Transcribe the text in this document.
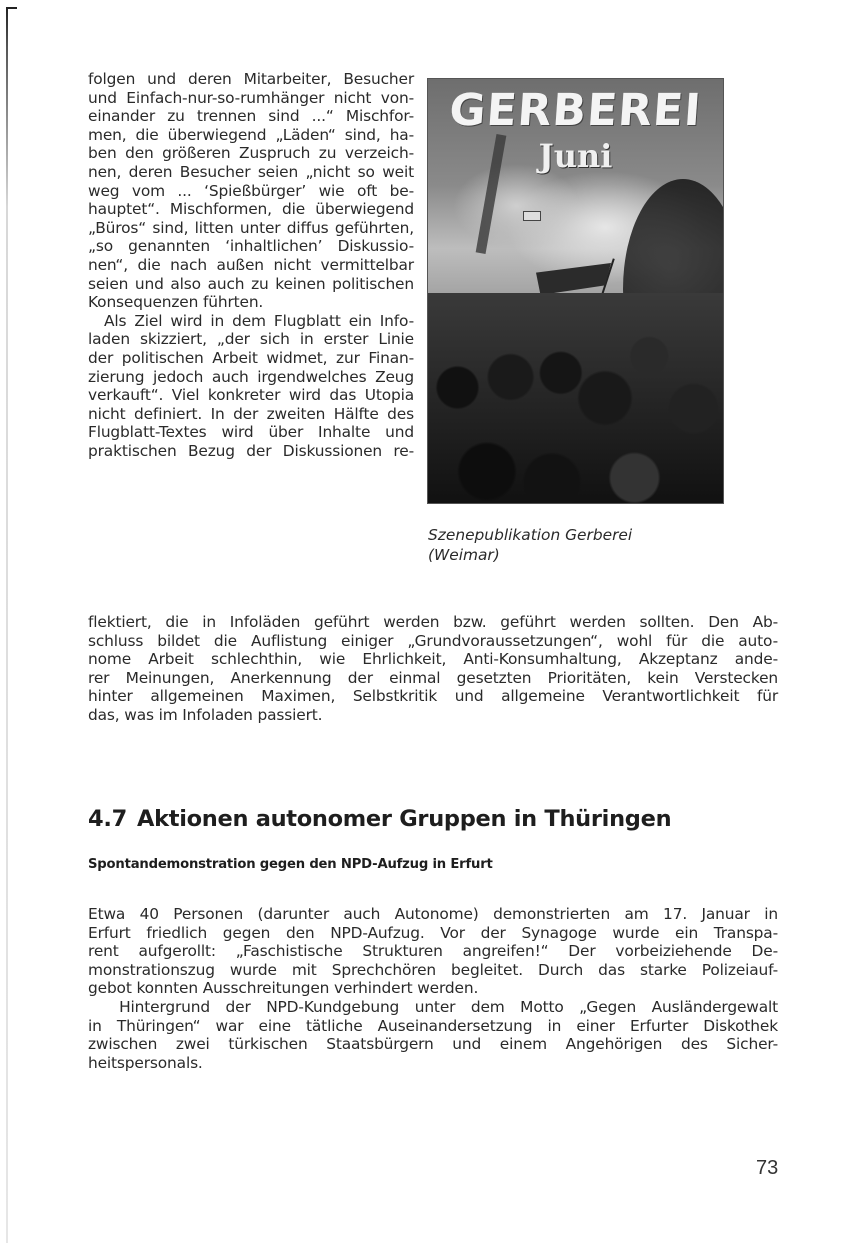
folgen und deren Mitarbeiter, Besucher
und Einfach-nur-so-rumhänger nicht von-
einander zu trennen sind ...“ Mischfor-
men, die überwiegend „Läden“ sind, ha-
ben den größeren Zuspruch zu verzeich-
nen, deren Besucher seien „nicht so weit
weg vom ... ‘Spießbürger’ wie oft be-
hauptet“. Mischformen, die überwiegend
„Büros“ sind, litten unter diffus geführten,
„so genannten ‘inhaltlichen’ Diskussio-
nen“, die nach außen nicht vermittelbar
seien und also auch zu keinen politischen
Konsequenzen führten.
Als Ziel wird in dem Flugblatt ein Info-
laden skizziert, „der sich in erster Linie
der politischen Arbeit widmet, zur Finan-
zierung jedoch auch irgendwelches Zeug
verkauft“. Viel konkreter wird das Utopia
nicht definiert. In der zweiten Hälfte des
Flugblatt-Textes wird über Inhalte und
praktischen Bezug der Diskussionen re-
GERBEREI
Juni
Szenepublikation Gerberei
(Weimar)
flektiert, die in Infoläden geführt werden bzw. geführt werden sollten. Den Ab-
schluss bildet die Auflistung einiger „Grundvoraussetzungen“, wohl für die auto-
nome Arbeit schlechthin, wie Ehrlichkeit, Anti-Konsumhaltung, Akzeptanz ande-
rer Meinungen, Anerkennung der einmal gesetzten Prioritäten, kein Verstecken
hinter allgemeinen Maximen, Selbstkritik und allgemeine Verantwortlichkeit für
das, was im Infoladen passiert.
4.7 Aktionen autonomer Gruppen in Thüringen
Spontandemonstration gegen den NPD-Aufzug in Erfurt
Etwa 40 Personen (darunter auch Autonome) demonstrierten am 17. Januar in
Erfurt friedlich gegen den NPD-Aufzug. Vor der Synagoge wurde ein Transpa-
rent aufgerollt: „Faschistische Strukturen angreifen!“ Der vorbeiziehende De-
monstrationszug wurde mit Sprechchören begleitet. Durch das starke Polizeiauf-
gebot konnten Ausschreitungen verhindert werden.
Hintergrund der NPD-Kundgebung unter dem Motto „Gegen Ausländergewalt
in Thüringen“ war eine tätliche Auseinandersetzung in einer Erfurter Diskothek
zwischen zwei türkischen Staatsbürgern und einem Angehörigen des Sicher-
heitspersonals.
73
